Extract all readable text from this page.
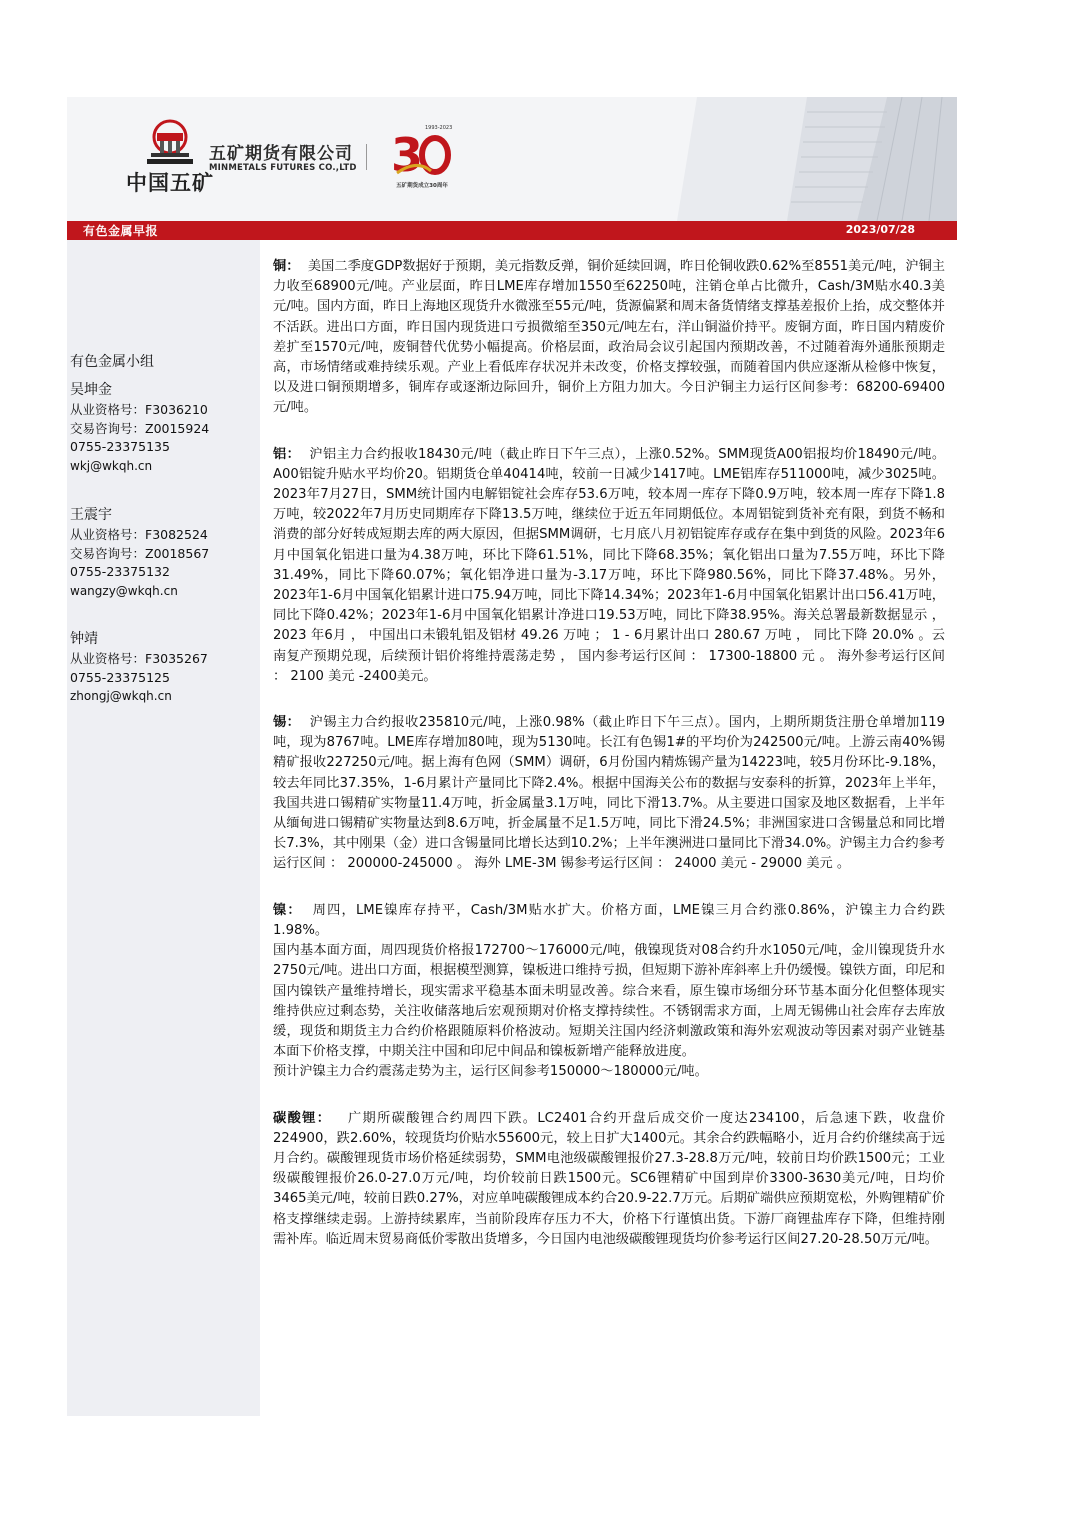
中国五矿
五矿期货有限公司
MINMETALS FUTURES CO.,LTD 3 1993-2023
五矿期货成立30周年
有色金属早报	2023/07/28
有色金属小组
吴坤金
从业资格号：F3036210
交易咨询号：Z0015924
0755-23375135
wkj@wkqh.cn
王震宇
从业资格号：F3082524
交易咨询号：Z0018567
0755-23375132
wangzy@wkqh.cn
钟靖
从业资格号：F3035267
0755-23375125
zhongj@wkqh.cn

铜： 美国二季度GDP数据好于预期，美元指数反弹，铜价延续回调，昨日伦铜收跌0.62%至8551美元/吨，沪铜主力收至68900元/吨。产业层面，昨日LME库存增加1550至62250吨，注销仓单占比微升，Cash/3M贴水40.3美元/吨。国内方面，昨日上海地区现货升水微涨至55元/吨，货源偏紧和周末备货情绪支撑基差报价上抬，成交整体并不活跃。进出口方面，昨日国内现货进口亏损微缩至350元/吨左右，洋山铜溢价持平。废铜方面，昨日国内精废价差扩至1570元/吨，废铜替代优势小幅提高。价格层面，政治局会议引起国内预期改善，不过随着海外通胀预期走高，市场情绪或难持续乐观。产业上看低库存状况并未改变，价格支撑较强，而随着国内供应逐渐从检修中恢复，以及进口铜预期增多，铜库存或逐渐边际回升，铜价上方阻力加大。今日沪铜主力运行区间参考：68200-69400元/吨。

铝： 沪铝主力合约报收18430元/吨（截止昨日下午三点），上涨0.52%。SMM现货A00铝报均价18490元/吨。A00铝锭升贴水平均价20。铝期货仓单40414吨，较前一日减少1417吨。LME铝库存511000吨，减少3025吨。2023年7月27日，SMM统计国内电解铝锭社会库存53.6万吨，较本周一库存下降0.9万吨，较本周一库存下降1.8万吨，较2022年7月历史同期库存下降13.5万吨，继续位于近五年同期低位。本周铝锭到货补充有限，到货不畅和消费的部分好转成短期去库的两大原因，但据SMM调研，七月底八月初铝锭库存或存在集中到货的风险。2023年6月中国氧化铝进口量为4.38万吨，环比下降61.51%，同比下降68.35%；氧化铝出口量为7.55万吨，环比下降31.49%，同比下降60.07%；氧化铝净进口量为-3.17万吨，环比下降980.56%，同比下降37.48%。另外，2023年1-6月中国氧化铝累计进口75.94万吨，同比下降14.34%；2023年1-6月中国氧化铝累计出口56.41万吨，同比下降0.42%；2023年1-6月中国氧化铝累计净进口19.53万吨，同比下降38.95%。海关总署最新数据显示 ， 2023 年6月 ， 中国出口未锻轧铝及铝材 49.26 万吨 ； 1 - 6月累计出口 280.67 万吨 ， 同比下降 20.0% 。云南复产预期兑现，后续预计铝价将维持震荡走势 ， 国内参考运行区间 ： 17300-18800 元 。 海外参考运行区间 ： 2100 美元 -2400美元。

锡： 沪锡主力合约报收235810元/吨，上涨0.98%（截止昨日下午三点）。国内，上期所期货注册仓单增加119吨，现为8767吨。LME库存增加80吨，现为5130吨。长江有色锡1#的平均价为242500元/吨。上游云南40%锡精矿报收227250元/吨。据上海有色网（SMM）调研，6月份国内精炼锡产量为14223吨，较5月份环比-9.18%，较去年同比37.35%，1-6月累计产量同比下降2.4%。根据中国海关公布的数据与安泰科的折算，2023年上半年，我国共进口锡精矿实物量11.4万吨，折金属量3.1万吨，同比下滑13.7%。从主要进口国家及地区数据看，上半年从缅甸进口锡精矿实物量达到8.6万吨，折金属量不足1.5万吨，同比下滑24.5%；非洲国家进口含锡量总和同比增长7.3%，其中刚果（金）进口含锡量同比增长达到10.2%；上半年澳洲进口量同比下滑34.0%。沪锡主力合约参考运行区间 ： 200000-245000 。 海外 LME-3M 锡参考运行区间 ： 24000 美元 - 29000 美元 。

镍： 周四，LME镍库存持平，Cash/3M贴水扩大。价格方面，LME镍三月合约涨0.86%，沪镍主力合约跌1.98%。

国内基本面方面，周四现货价格报172700～176000元/吨，俄镍现货对08合约升水1050元/吨，金川镍现货升水2750元/吨。进出口方面，根据模型测算，镍板进口维持亏损，但短期下游补库斜率上升仍缓慢。镍铁方面，印尼和国内镍铁产量维持增长，现实需求平稳基本面未明显改善。综合来看，原生镍市场细分环节基本面分化但整体现实维持供应过剩态势，关注收储落地后宏观预期对价格支撑持续性。不锈钢需求方面，上周无锡佛山社会库存去库放缓，现货和期货主力合约价格跟随原料价格波动。短期关注国内经济刺激政策和海外宏观波动等因素对弱产业链基本面下价格支撑，中期关注中国和印尼中间品和镍板新增产能释放进度。

预计沪镍主力合约震荡走势为主，运行区间参考150000～180000元/吨。

碳酸锂： 广期所碳酸锂合约周四下跌。LC2401合约开盘后成交价一度达234100，后急速下跌，收盘价224900，跌2.60%，较现货均价贴水55600元，较上日扩大1400元。其余合约跌幅略小，近月合约价继续高于远月合约。碳酸锂现货市场价格延续弱势，SMM电池级碳酸锂报价27.3-28.8万元/吨，较前日均价跌1500元；工业级碳酸锂报价26.0-27.0万元/吨，均价较前日跌1500元。SC6锂精矿中国到岸价3300-3630美元/吨，日均价3465美元/吨，较前日跌0.27%，对应单吨碳酸锂成本约合20.9-22.7万元。后期矿端供应预期宽松，外购锂精矿价格支撑继续走弱。上游持续累库，当前阶段库存压力不大，价格下行谨慎出货。下游厂商锂盐库存下降，但维持刚需补库。临近周末贸易商低价零散出货增多，今日国内电池级碳酸锂现货均价参考运行区间27.20-28.50万元/吨。
